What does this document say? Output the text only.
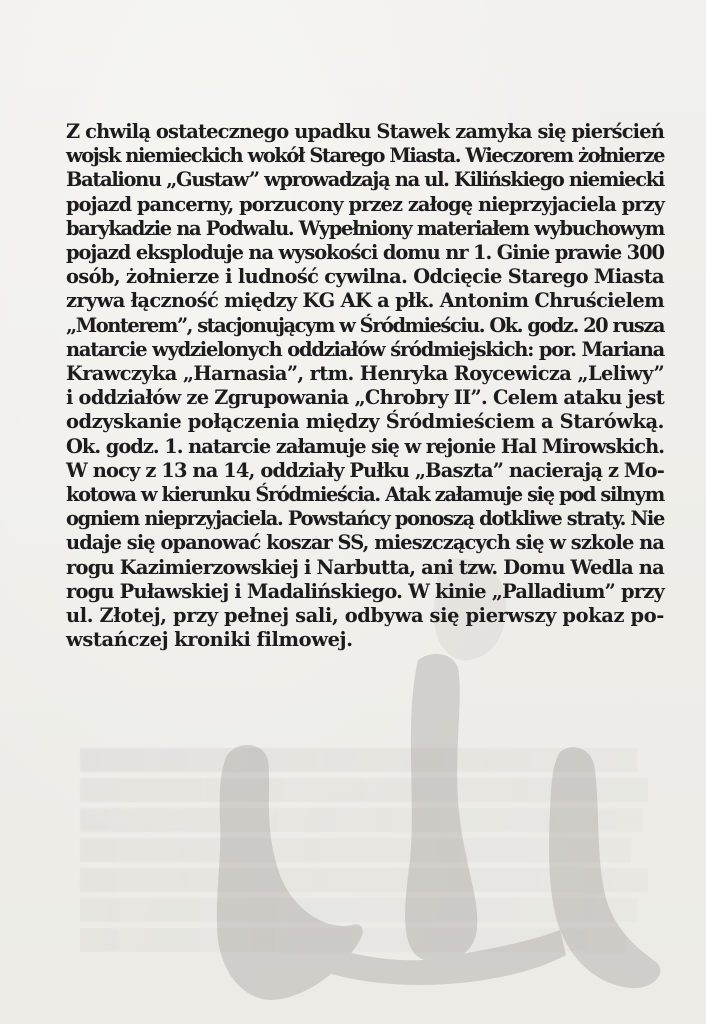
Z chwilą ostatecznego upadku Stawek zamyka się pierścień
wojsk niemieckich wokół Starego Miasta. Wieczorem żołnierze
Batalionu „Gustaw” wprowadzają na ul. Kilińskiego niemiecki
pojazd pancerny, porzucony przez załogę nieprzyjaciela przy
barykadzie na Podwalu. Wypełniony materiałem wybuchowym
pojazd eksploduje na wysokości domu nr 1. Ginie prawie 300
osób, żołnierze i ludność cywilna. Odcięcie Starego Miasta
zrywa łączność między KG AK a płk. Antonim Chruścielem
„Monterem”, stacjonującym w Śródmieściu. Ok. godz. 20 rusza
natarcie wydzielonych oddziałów śródmiejskich: por. Mariana
Krawczyka „Harnasia”, rtm. Henryka Roycewicza „Leliwy”
i oddziałów ze Zgrupowania „Chrobry II”. Celem ataku jest
odzyskanie połączenia między Śródmieściem a Starówką.
Ok. godz. 1. natarcie załamuje się w rejonie Hal Mirowskich.
W nocy z 13 na 14, oddziały Pułku „Baszta” nacierają z Mo-
kotowa w kierunku Śródmieścia. Atak załamuje się pod silnym
ogniem nieprzyjaciela. Powstańcy ponoszą dotkliwe straty. Nie
udaje się opanować koszar SS, mieszczących się w szkole na
rogu Kazimierzowskiej i Narbutta, ani tzw. Domu Wedla na
rogu Puławskiej i Madalińskiego. W kinie „Palladium” przy
ul. Złotej, przy pełnej sali, odbywa się pierwszy pokaz po-
wstańczej kroniki filmowej.
